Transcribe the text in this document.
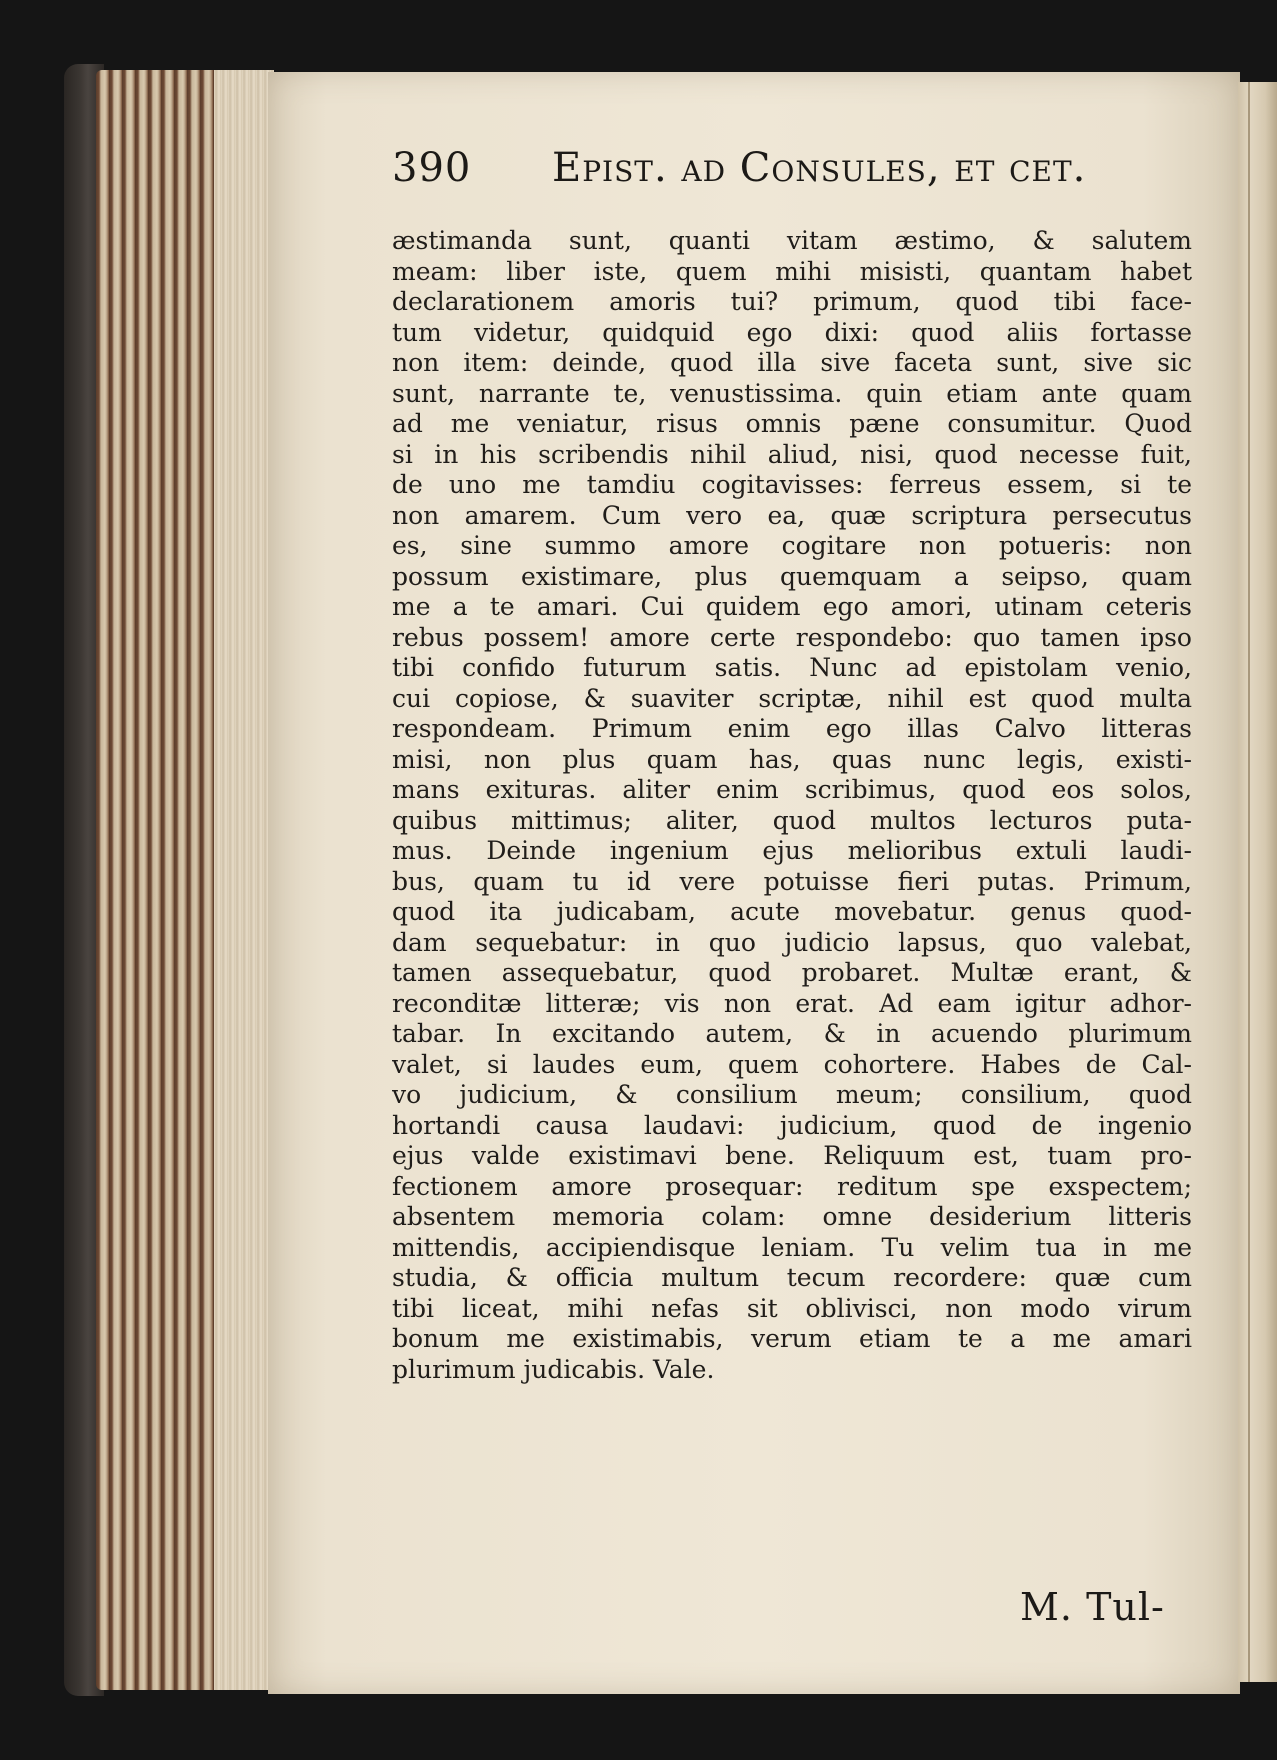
390 Epist. ad Consules, et cet.
æstimanda sunt, quanti vitam æstimo, & salutem
meam: liber iste, quem mihi misisti, quantam habet
declarationem amoris tui? primum, quod tibi face-
tum videtur, quidquid ego dixi: quod aliis fortasse
non item: deinde, quod illa sive faceta sunt, sive sic
sunt, narrante te, venustissima. quin etiam ante quam
ad me veniatur, risus omnis pæne consumitur. Quod
si in his scribendis nihil aliud, nisi, quod necesse fuit,
de uno me tamdiu cogitavisses: ferreus essem, si te
non amarem. Cum vero ea, quæ scriptura persecutus
es, sine summo amore cogitare non potueris: non
possum existimare, plus quemquam a seipso, quam
me a te amari. Cui quidem ego amori, utinam ceteris
rebus possem! amore certe respondebo: quo tamen ipso
tibi confido futurum satis. Nunc ad epistolam venio,
cui copiose, & suaviter scriptæ, nihil est quod multa
respondeam. Primum enim ego illas Calvo litteras
misi, non plus quam has, quas nunc legis, existi-
mans exituras. aliter enim scribimus, quod eos solos,
quibus mittimus; aliter, quod multos lecturos puta-
mus. Deinde ingenium ejus melioribus extuli laudi-
bus, quam tu id vere potuisse fieri putas. Primum,
quod ita judicabam, acute movebatur. genus quod-
dam sequebatur: in quo judicio lapsus, quo valebat,
tamen assequebatur, quod probaret. Multæ erant, &
reconditæ litteræ; vis non erat. Ad eam igitur adhor-
tabar. In excitando autem, & in acuendo plurimum
valet, si laudes eum, quem cohortere. Habes de Cal-
vo judicium, & consilium meum; consilium, quod
hortandi causa laudavi: judicium, quod de ingenio
ejus valde existimavi bene. Reliquum est, tuam pro-
fectionem amore prosequar: reditum spe exspectem;
absentem memoria colam: omne desiderium litteris
mittendis, accipiendisque leniam. Tu velim tua in me
studia, & officia multum tecum recordere: quæ cum
tibi liceat, mihi nefas sit oblivisci, non modo virum
bonum me existimabis, verum etiam te a me amari
plurimum judicabis. Vale.
M. Tul-
